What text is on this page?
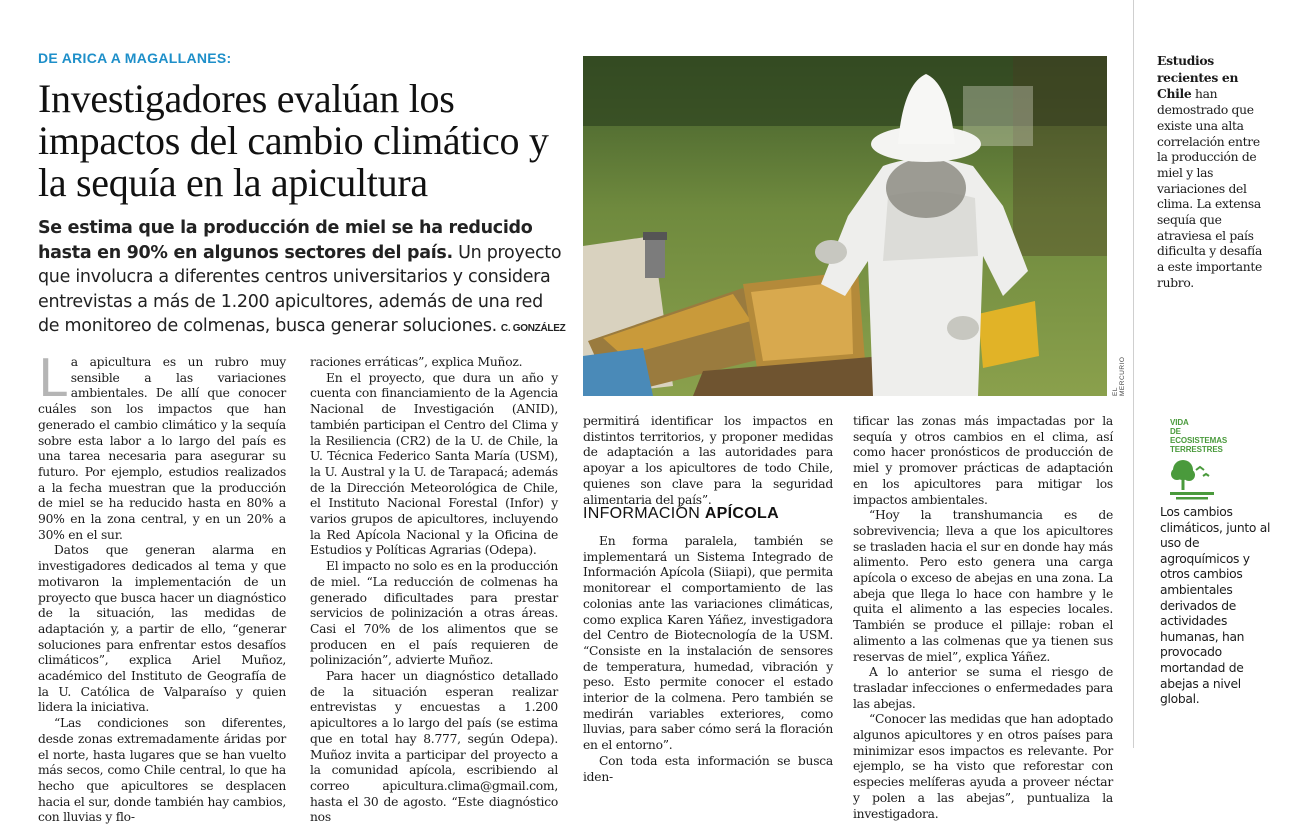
DE ARICA A MAGALLANES:
Investigadores evalúan los impactos del cambio climático y la sequía en la apicultura
Se estima que la producción de miel se ha reducido hasta en 90% en algunos sectores del país. Un proyecto que involucra a diferentes centros universitarios y considera entrevistas a más de 1.200 apicultores, además de una red de monitoreo de colmenas, busca generar soluciones. C. GONZÁLEZ
EL MERCURIO

La apicultura es un rubro muy sensible a las variaciones ambientales. De allí que conocer cuáles son los impactos que han generado el cambio climático y la sequía sobre esta labor a lo largo del país es una tarea necesaria para asegurar su futuro. Por ejemplo, estudios realizados a la fecha muestran que la producción de miel se ha reducido hasta en 80% a 90% en la zona central, y en un 20% a 30% en el sur.

Datos que generan alarma en investigadores dedicados al tema y que motivaron la implementación de un proyecto que busca hacer un diagnóstico de la situación, las medidas de adaptación y, a partir de ello, “generar soluciones para enfrentar estos desafíos climáticos”, explica Ariel Muñoz, académico del Instituto de Geografía de la U. Católica de Valparaíso y quien lidera la iniciativa.

“Las condiciones son diferentes, desde zonas extremadamente áridas por el norte, hasta lugares que se han vuelto más secos, como Chile central, lo que ha hecho que apicultores se desplacen hacia el sur, donde también hay cambios, con lluvias y flo-

raciones erráticas”, explica Muñoz.

En el proyecto, que dura un año y cuenta con financiamiento de la Agencia Nacional de Investigación (ANID), también participan el Centro del Clima y la Resiliencia (CR2) de la U. de Chile, la U. Técnica Federico Santa María (USM), la U. Austral y la U. de Tarapacá; además de la Dirección Meteorológica de Chile, el Instituto Nacional Forestal (Infor) y varios grupos de apicultores, incluyendo la Red Apícola Nacional y la Oficina de Estudios y Políticas Agrarias (Odepa).

El impacto no solo es en la producción de miel. “La reducción de colmenas ha generado dificultades para prestar servicios de polinización a otras áreas. Casi el 70% de los alimentos que se producen en el país requieren de polinización”, advierte Muñoz.

Para hacer un diagnóstico detallado de la situación esperan realizar entrevistas y encuestas a 1.200 apicultores a lo largo del país (se estima que en total hay 8.777, según Odepa). Muñoz invita a participar del proyecto a la comunidad apícola, escribiendo al correo apicultura.clima@gmail.com, hasta el 30 de agosto. “Este diagnóstico nos

permitirá identificar los impactos en distintos territorios, y proponer medidas de adaptación a las autoridades para apoyar a los apicultores de todo Chile, quienes son clave para la seguridad alimentaria del país”.

INFORMACIÓN APÍCOLA

En forma paralela, también se implementará un Sistema Integrado de Información Apícola (Siiapi), que permita monitorear el comportamiento de las colonias ante las variaciones climáticas, como explica Karen Yáñez, investigadora del Centro de Biotecnología de la USM. “Consiste en la instalación de sensores de temperatura, humedad, vibración y peso. Esto permite conocer el estado interior de la colmena. Pero también se medirán variables exteriores, como lluvias, para saber cómo será la floración en el entorno”.

Con toda esta información se busca iden-

tificar las zonas más impactadas por la sequía y otros cambios en el clima, así como hacer pronósticos de producción de miel y promover prácticas de adaptación en los apicultores para mitigar los impactos ambientales.

“Hoy la transhumancia es de sobrevivencia; lleva a que los apicultores se trasladen hacia el sur en donde hay más alimento. Pero esto genera una carga apícola o exceso de abejas en una zona. La abeja que llega lo hace con hambre y le quita el alimento a las especies locales. También se produce el pillaje: roban el alimento a las colmenas que ya tienen sus reservas de miel”, explica Yáñez.

A lo anterior se suma el riesgo de trasladar infecciones o enfermedades para las abejas.

“Conocer las medidas que han adoptado algunos apicultores y en otros países para minimizar esos impactos es relevante. Por ejemplo, se ha visto que reforestar con especies melíferas ayuda a proveer néctar y polen a las abejas”, puntualiza la investigadora.

Estudios recientes en Chile han demostrado que existe una alta correlación entre la producción de miel y las variaciones del clima. La extensa sequía que atraviesa el país dificulta y desafía a este importante rubro.
VIDA
DE ECOSISTEMAS
TERRESTRES
Los cambios climáticos, junto al uso de agroquímicos y otros cambios ambientales derivados de actividades humanas, han provocado mortandad de abejas a nivel global.
